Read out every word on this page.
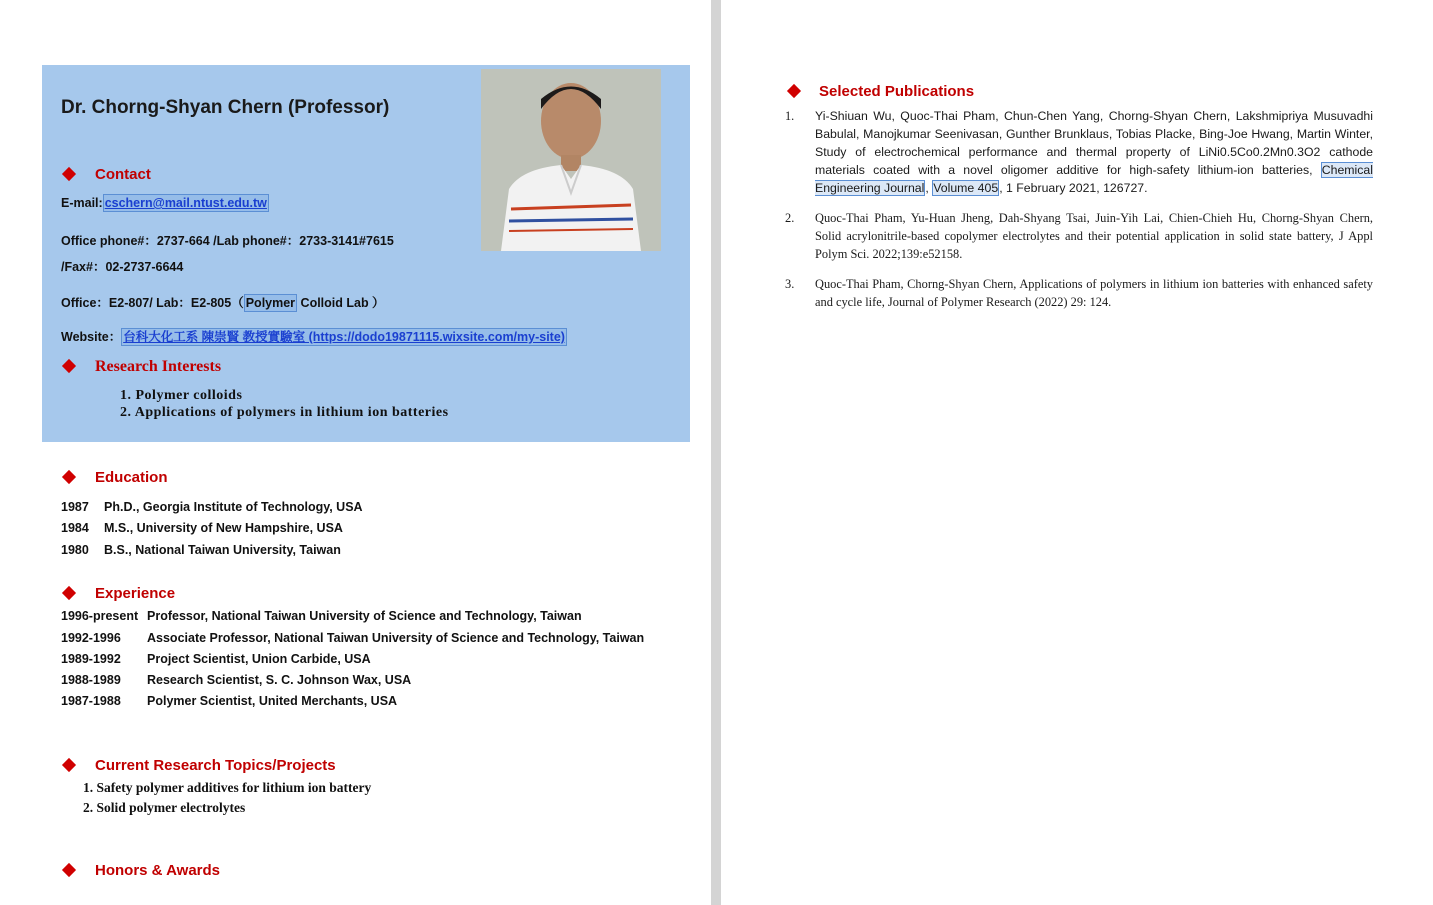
Dr. Chorng-Shyan Chern (Professor)
Contact
E-mail: cschern@mail.ntust.edu.tw
Office phone#：2737-664 /Lab phone#：2733-3141#7615
/Fax#：02-2737-6644
Office：E2-807/ Lab：E2-805（ Polymer Colloid Lab ）
Website： 台科大化工系 陳崇賢 教授實驗室 (https://dodo19871115.wixsite.com/my-site)
Research Interests
1. Polymer colloids
2. Applications of polymers in lithium ion batteries
Education
1987 Ph.D., Georgia Institute of Technology, USA
1984 M.S., University of New Hampshire, USA
1980 B.S., National Taiwan University, Taiwan
Experience
1996-present Professor, National Taiwan University of Science and Technology, Taiwan
1992-1996 Associate Professor, National Taiwan University of Science and Technology, Taiwan
1989-1992 Project Scientist, Union Carbide, USA
1988-1989 Research Scientist, S. C. Johnson Wax, USA
1987-1988 Polymer Scientist, United Merchants, USA
Current Research Topics/Projects
1. Safety polymer additives for lithium ion battery
2. Solid polymer electrolytes
Honors & Awards
Selected Publications
1. Yi-Shiuan Wu, Quoc-Thai Pham, Chun-Chen Yang, Chorng-Shyan Chern, Lakshmipriya Musuvadhi Babulal, Manojkumar Seenivasan, Gunther Brunklaus, Tobias Placke, Bing-Joe Hwang, Martin Winter, Study of electrochemical performance and thermal property of LiNi0.5Co0.2Mn0.3O2 cathode materials coated with a novel oligomer additive for high-safety lithium-ion batteries, Chemical Engineering Journal, Volume 405, 1 February 2021, 126727.
2. Quoc-Thai Pham, Yu-Huan Jheng, Dah-Shyang Tsai, Juin-Yih Lai, Chien-Chieh Hu, Chorng-Shyan Chern, Solid acrylonitrile-based copolymer electrolytes and their potential application in solid state battery, J Appl Polym Sci. 2022;139:e52158.
3. Quoc-Thai Pham, Chorng-Shyan Chern, Applications of polymers in lithium ion batteries with enhanced safety and cycle life, Journal of Polymer Research (2022) 29: 124.
